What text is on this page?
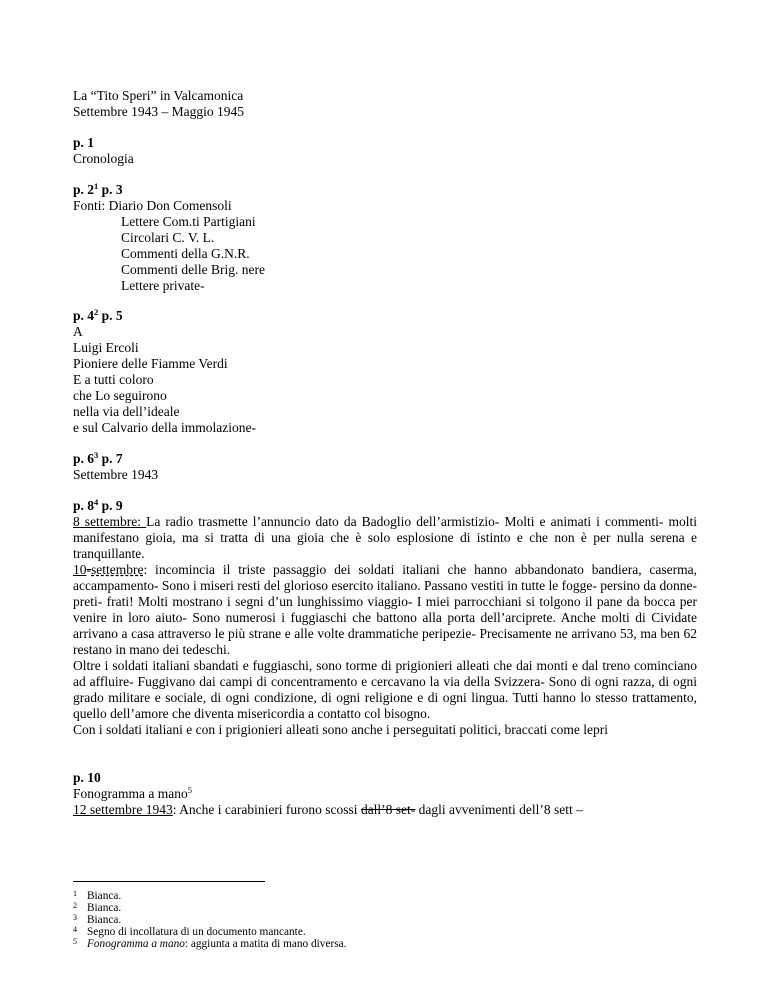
La “Tito Speri” in Valcamonica
Settembre 1943 – Maggio 1945
p. 1
Cronologia
p. $2^1$ p. 3
Fonti: Diario Don Comensoli
Lettere Com.ti Partigiani
Circolari C. V. L.
Commenti della G.N.R.
Commenti delle Brig. nere
Lettere private-
p. $4^2$ p. 5
A
Luigi Ercoli
Pioniere delle Fiamme Verdi
E a tutti coloro
che Lo seguirono
nella via dell’ideale
e sul Calvario della immolazione-
p. $6^3$ p. 7
Settembre 1943
p. $8^4$ p. 9
8 settembre: La radio trasmette l’annuncio dato da Badoglio dell’armistizio- Molti e animati i commenti- molti manifestano gioia, ma si tratta di una gioia che è solo esplosione di istinto e che non è per nulla serena e tranquillante.
10-settembre: incomincia il triste passaggio dei soldati italiani che hanno abbandonato bandiera, caserma, accampamento- Sono i miseri resti del glorioso esercito italiano. Passano vestiti in tutte le fogge- persino da donne- preti- frati! Molti mostrano i segni d’un lunghissimo viaggio- I miei parrocchiani si tolgono il pane da bocca per venire in loro aiuto- Sono numerosi i fuggiaschi che battono alla porta dell’arciprete. Anche molti di Cividate arrivano a casa attraverso le più strane e alle volte drammatiche peripezie- Precisamente ne arrivano 53, ma ben 62 restano in mano dei tedeschi.
Oltre i soldati italiani sbandati e fuggiaschi, sono torme di prigionieri alleati che dai monti e dal treno cominciano ad affluire- Fuggivano dai campi di concentramento e cercavano la via della Svizzera- Sono di ogni razza, di ogni grado militare e sociale, di ogni condizione, di ogni religione e di ogni lingua. Tutti hanno lo stesso trattamento, quello dell’amore che diventa misericordia a contatto col bisogno.
Con i soldati italiani e con i prigionieri alleati sono anche i perseguitati politici, braccati come lepri
p. 10
Fonogramma a mano$^5$
12 settembre 1943: Anche i carabinieri furono scossi dall’8 set- dagli avvenimenti dell’8 sett –
1 Bianca.
2 Bianca.
3 Bianca.
4 Segno di incollatura di un documento mancante.
5 Fonogramma a mano: aggiunta a matita di mano diversa.
